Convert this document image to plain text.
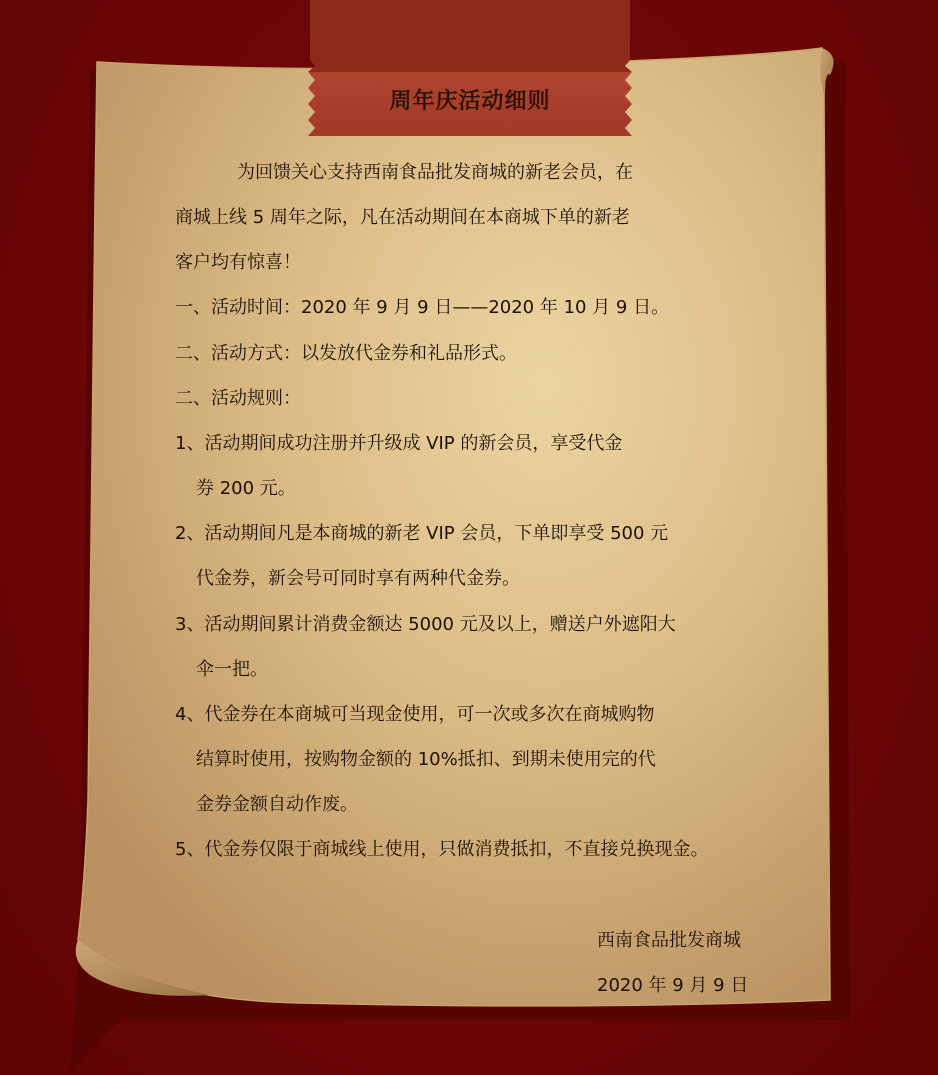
周年庆活动细则
为回馈关心支持西南食品批发商城的新老会员，在
商城上线 5 周年之际，凡在活动期间在本商城下单的新老
客户均有惊喜！
一、活动时间：2020 年 9 月 9 日——2020 年 10 月 9 日。
二、活动方式：以发放代金券和礼品形式。
二、活动规则：
1、活动期间成功注册并升级成 VIP 的新会员，享受代金
券 200 元。
2、活动期间凡是本商城的新老 VIP 会员，下单即享受 500 元
代金券，新会号可同时享有两种代金券。
3、活动期间累计消费金额达 5000 元及以上，赠送户外遮阳大
伞一把。
4、代金券在本商城可当现金使用，可一次或多次在商城购物
结算时使用，按购物金额的 10%抵扣、到期未使用完的代
金券金额自动作废。
5、代金券仅限于商城线上使用，只做消费抵扣，不直接兑换现金。
西南食品批发商城
2020 年 9 月 9 日
